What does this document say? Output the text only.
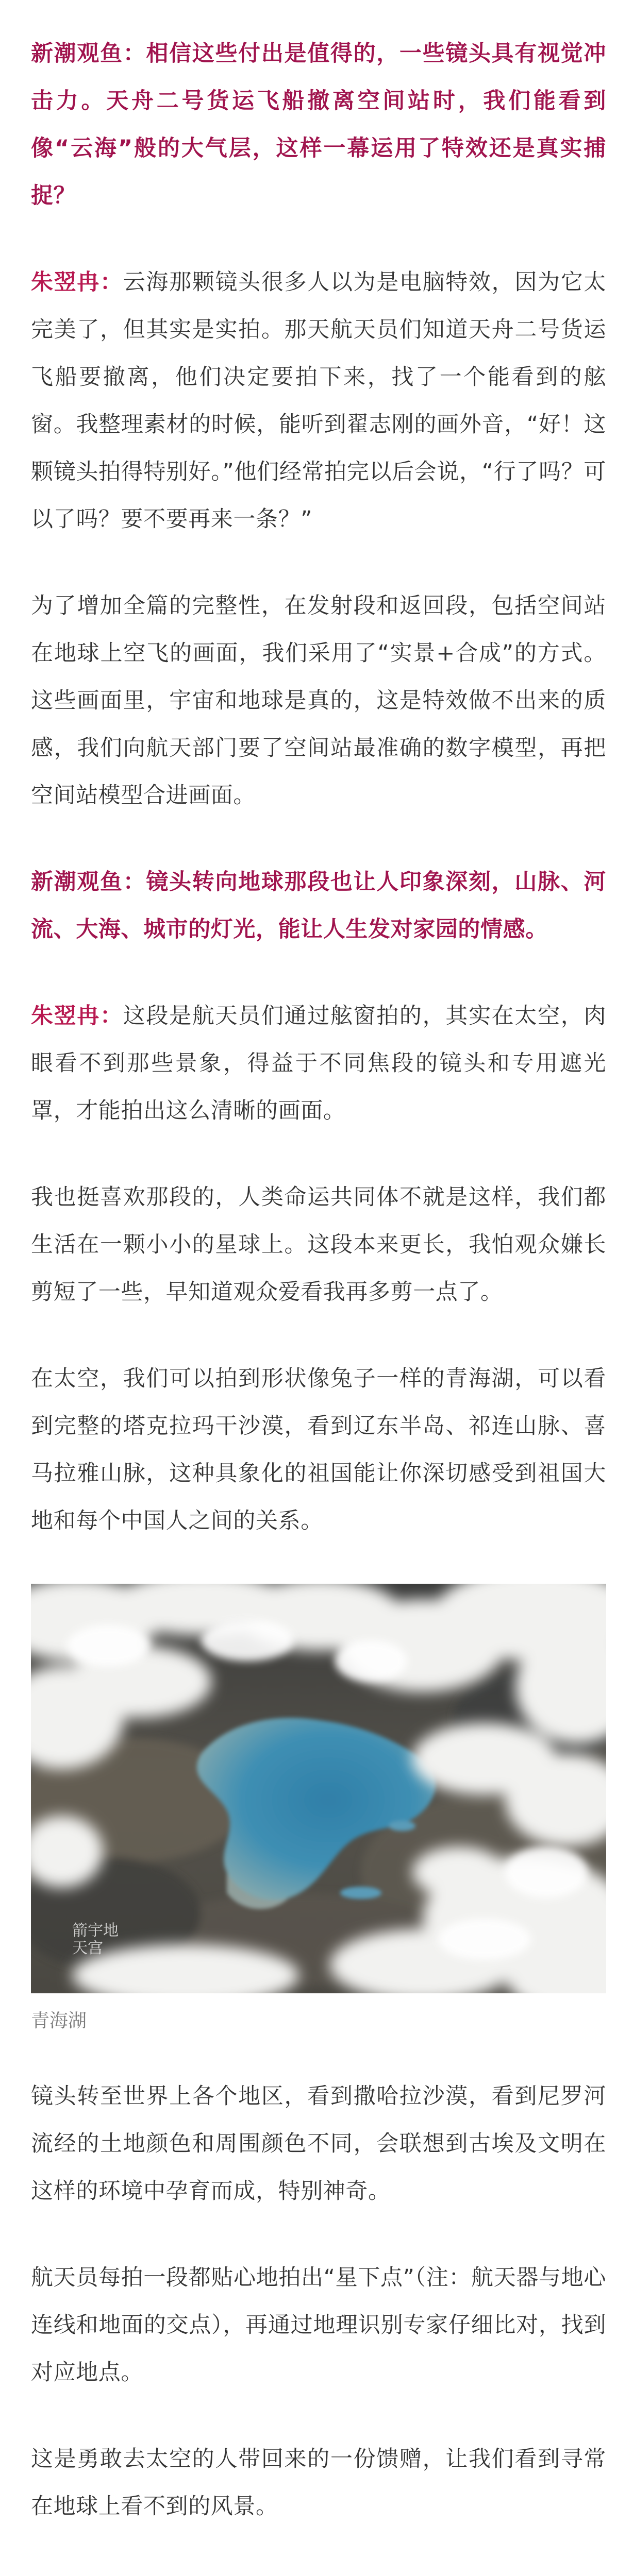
新潮观鱼：相信这些付出是值得的，一些镜头具有视觉冲击力。天舟二号货运飞船撤离空间站时，我们能看到像“云海”般的大气层，这样一幕运用了特效还是真实捕捉？

朱翌冉：云海那颗镜头很多人以为是电脑特效，因为它太完美了，但其实是实拍。那天航天员们知道天舟二号货运飞船要撤离，他们决定要拍下来，找了一个能看到的舷窗。我整理素材的时候，能听到翟志刚的画外音，“好！这颗镜头拍得特别好。”他们经常拍完以后会说，“行了吗？可以了吗？要不要再来一条？”

为了增加全篇的完整性，在发射段和返回段，包括空间站在地球上空飞的画面，我们采用了“实景+合成”的方式。这些画面里，宇宙和地球是真的，这是特效做不出来的质感，我们向航天部门要了空间站最准确的数字模型，再把空间站模型合进画面。

新潮观鱼：镜头转向地球那段也让人印象深刻，山脉、河流、大海、城市的灯光，能让人生发对家园的情感。

朱翌冉：这段是航天员们通过舷窗拍的，其实在太空，肉眼看不到那些景象，得益于不同焦段的镜头和专用遮光罩，才能拍出这么清晰的画面。

我也挺喜欢那段的，人类命运共同体不就是这样，我们都生活在一颗小小的星球上。这段本来更长，我怕观众嫌长剪短了一些，早知道观众爱看我再多剪一点了。

在太空，我们可以拍到形状像兔子一样的青海湖，可以看到完整的塔克拉玛干沙漠，看到辽东半岛、祁连山脉、喜马拉雅山脉，这种具象化的祖国能让你深切感受到祖国大地和每个中国人之间的关系。

箭宇地
天宫
青海湖

镜头转至世界上各个地区，看到撒哈拉沙漠，看到尼罗河流经的土地颜色和周围颜色不同，会联想到古埃及文明在这样的环境中孕育而成，特别神奇。

航天员每拍一段都贴心地拍出“星下点”（注：航天器与地心连线和地面的交点），再通过地理识别专家仔细比对，找到对应地点。

这是勇敢去太空的人带回来的一份馈赠，让我们看到寻常在地球上看不到的风景。
